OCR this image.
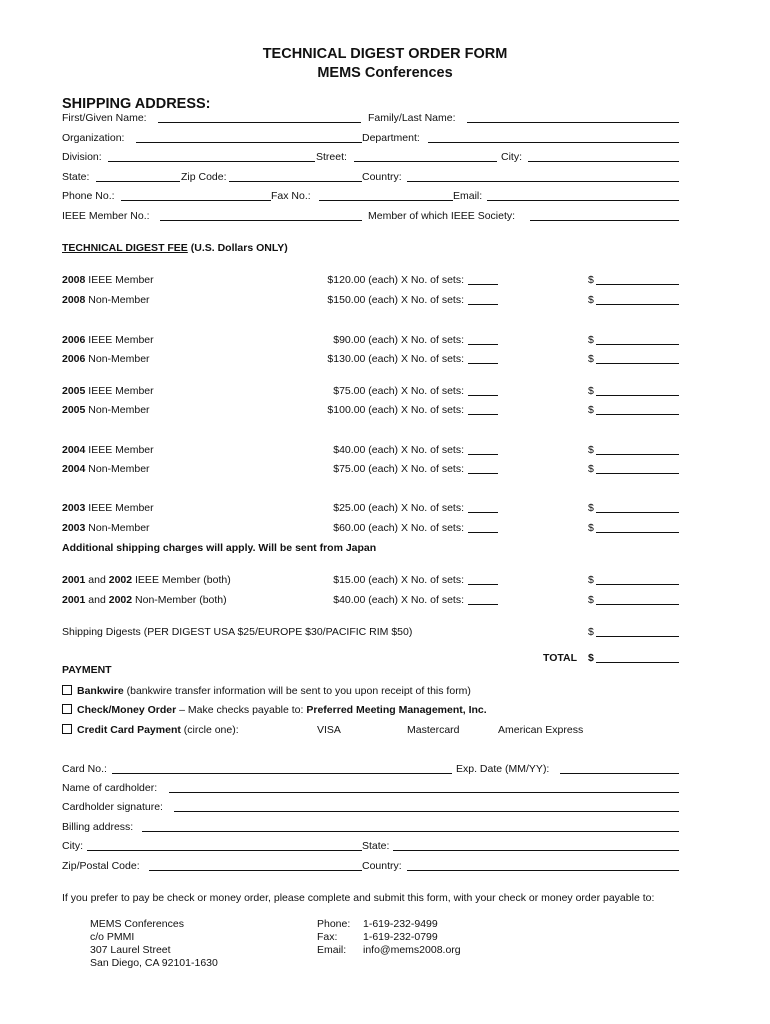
TECHNICAL DIGEST ORDER FORM
MEMS Conferences
SHIPPING ADDRESS:
First/Given Name:	Family/Last Name:
Organization:	Department:
Division:	Street:	City:
State:	Zip Code:	Country:
Phone No.:	Fax No.:	Email:
IEEE Member No.:	Member of which IEEE Society:
TECHNICAL DIGEST FEE (U.S. Dollars ONLY)
2008 IEEE Member	$120.00 (each) X No. of sets:	$
2008 Non-Member	$150.00 (each) X No. of sets:	$
2006 IEEE Member	$90.00 (each) X No. of sets:	$
2006 Non-Member	$130.00 (each) X No. of sets:	$
2005 IEEE Member	$75.00 (each) X No. of sets:	$
2005 Non-Member	$100.00 (each) X No. of sets:	$
2004 IEEE Member	$40.00 (each) X No. of sets:	$
2004 Non-Member	$75.00 (each) X No. of sets:	$
2003 IEEE Member	$25.00 (each) X No. of sets:	$
2003 Non-Member	$60.00 (each) X No. of sets:	$
Additional shipping charges will apply. Will be sent from Japan
2001 and 2002 IEEE Member (both)	$15.00 (each) X No. of sets:	$
2001 and 2002 Non-Member (both)	$40.00 (each) X No. of sets:	$
Shipping Digests (PER DIGEST USA $25/EUROPE $30/PACIFIC RIM $50)	$
TOTAL $
PAYMENT
Bankwire (bankwire transfer information will be sent to you upon receipt of this form)
Check/Money Order – Make checks payable to: Preferred Meeting Management, Inc.
Credit Card Payment (circle one):	VISA	Mastercard	American Express
Card No.:	Exp. Date (MM/YY):
Name of cardholder:
Cardholder signature:
Billing address:
City:	State:
Zip/Postal Code:	Country:
If you prefer to pay be check or money order, please complete and submit this form, with your check or money order payable to:
MEMS Conferences
c/o PMMI
307 Laurel Street
San Diego, CA 92101-1630
Phone: 1-619-232-9499
Fax: 1-619-232-0799
Email: info@mems2008.org
